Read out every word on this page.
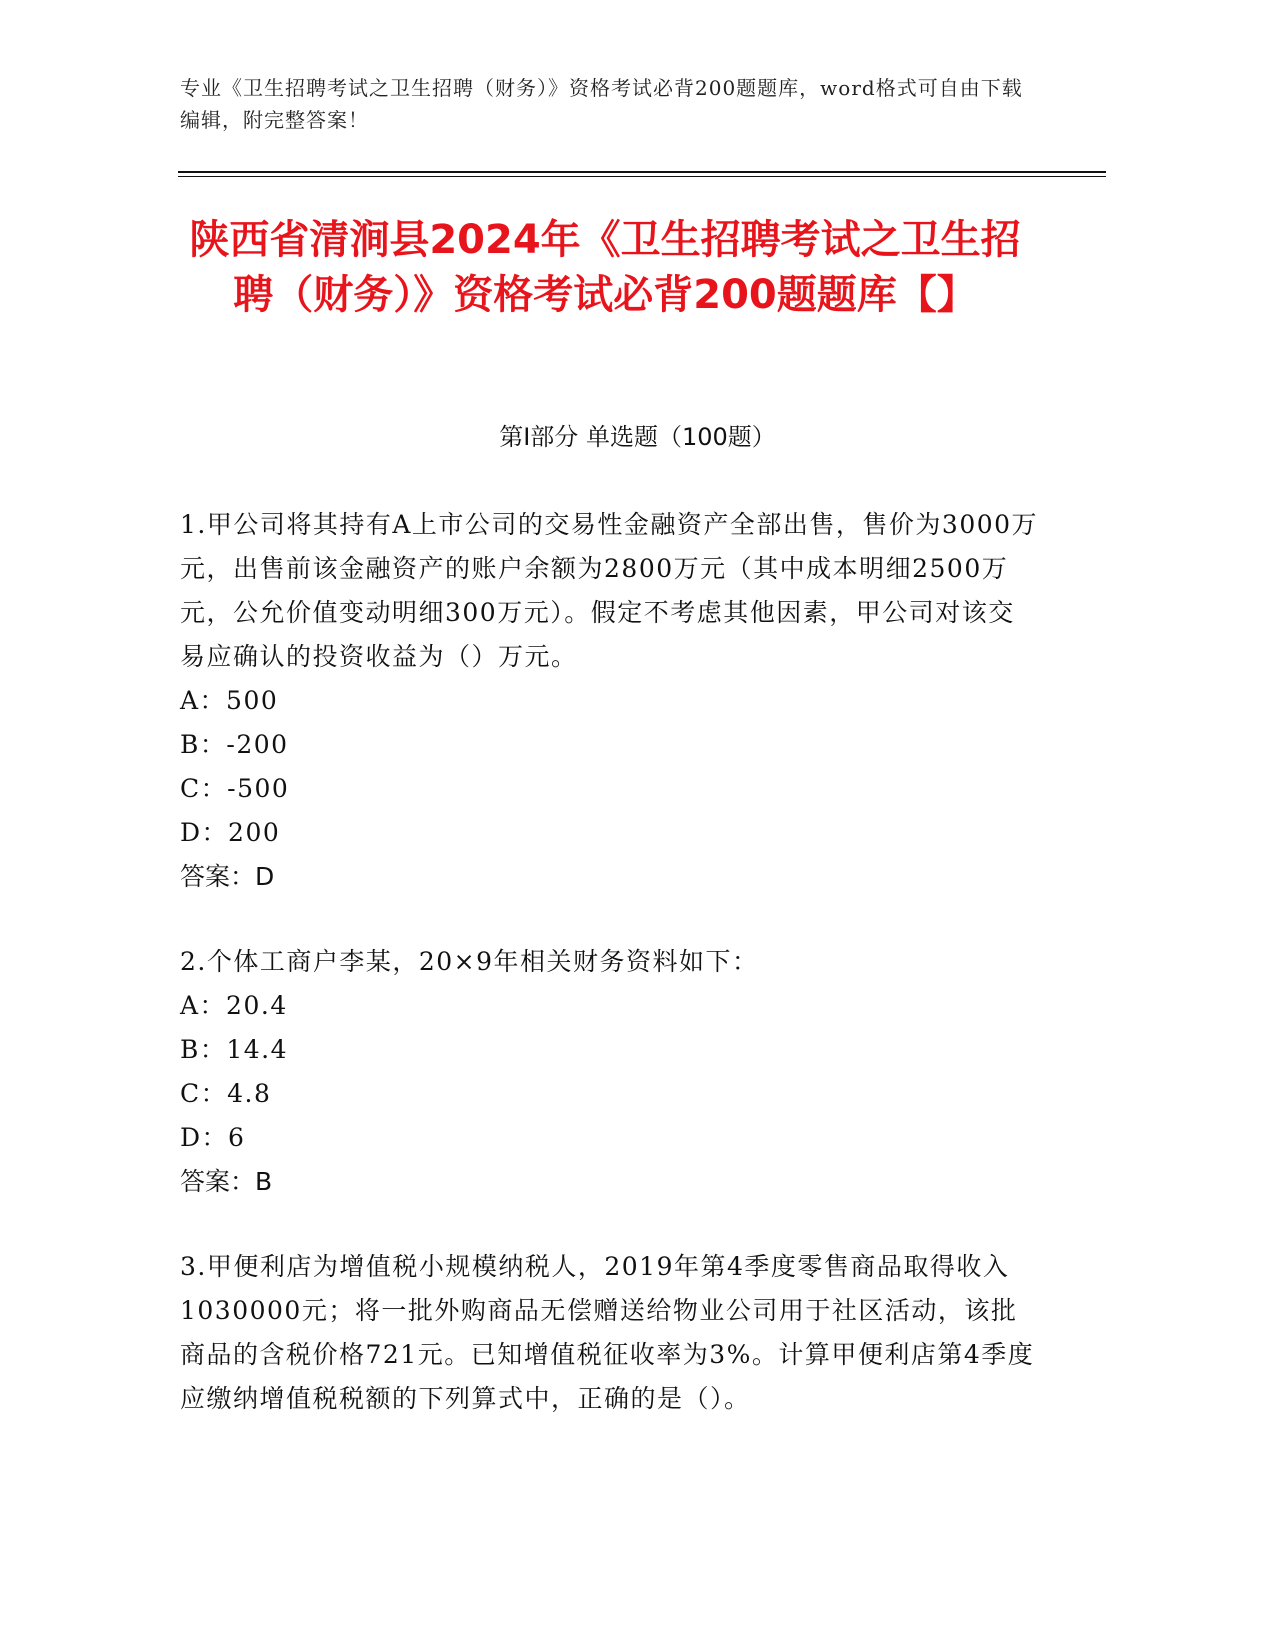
专业《卫生招聘考试之卫生招聘（财务）》资格考试必背200题题库，word格式可自由下载编辑，附完整答案！
陕西省清涧县2024年《卫生招聘考试之卫生招聘（财务）》资格考试必背200题题库【】
第I部分 单选题（100题）

1.甲公司将其持有A上市公司的交易性金融资产全部出售，售价为3000万元，出售前该金融资产的账户余额为2800万元（其中成本明细2500万元，公允价值变动明细300万元）。假定不考虑其他因素，甲公司对该交易应确认的投资收益为（）万元。

A：500

B：-200

C：-500

D：200

答案：D

2.个体工商户李某，20×9年相关财务资料如下：

A：20.4

B：14.4

C：4.8

D：6

答案：B

3.甲便利店为增值税小规模纳税人，2019年第4季度零售商品取得收入1030000元；将一批外购商品无偿赠送给物业公司用于社区活动，该批商品的含税价格721元。已知增值税征收率为3%。计算甲便利店第4季度应缴纳增值税税额的下列算式中，正确的是（）。
